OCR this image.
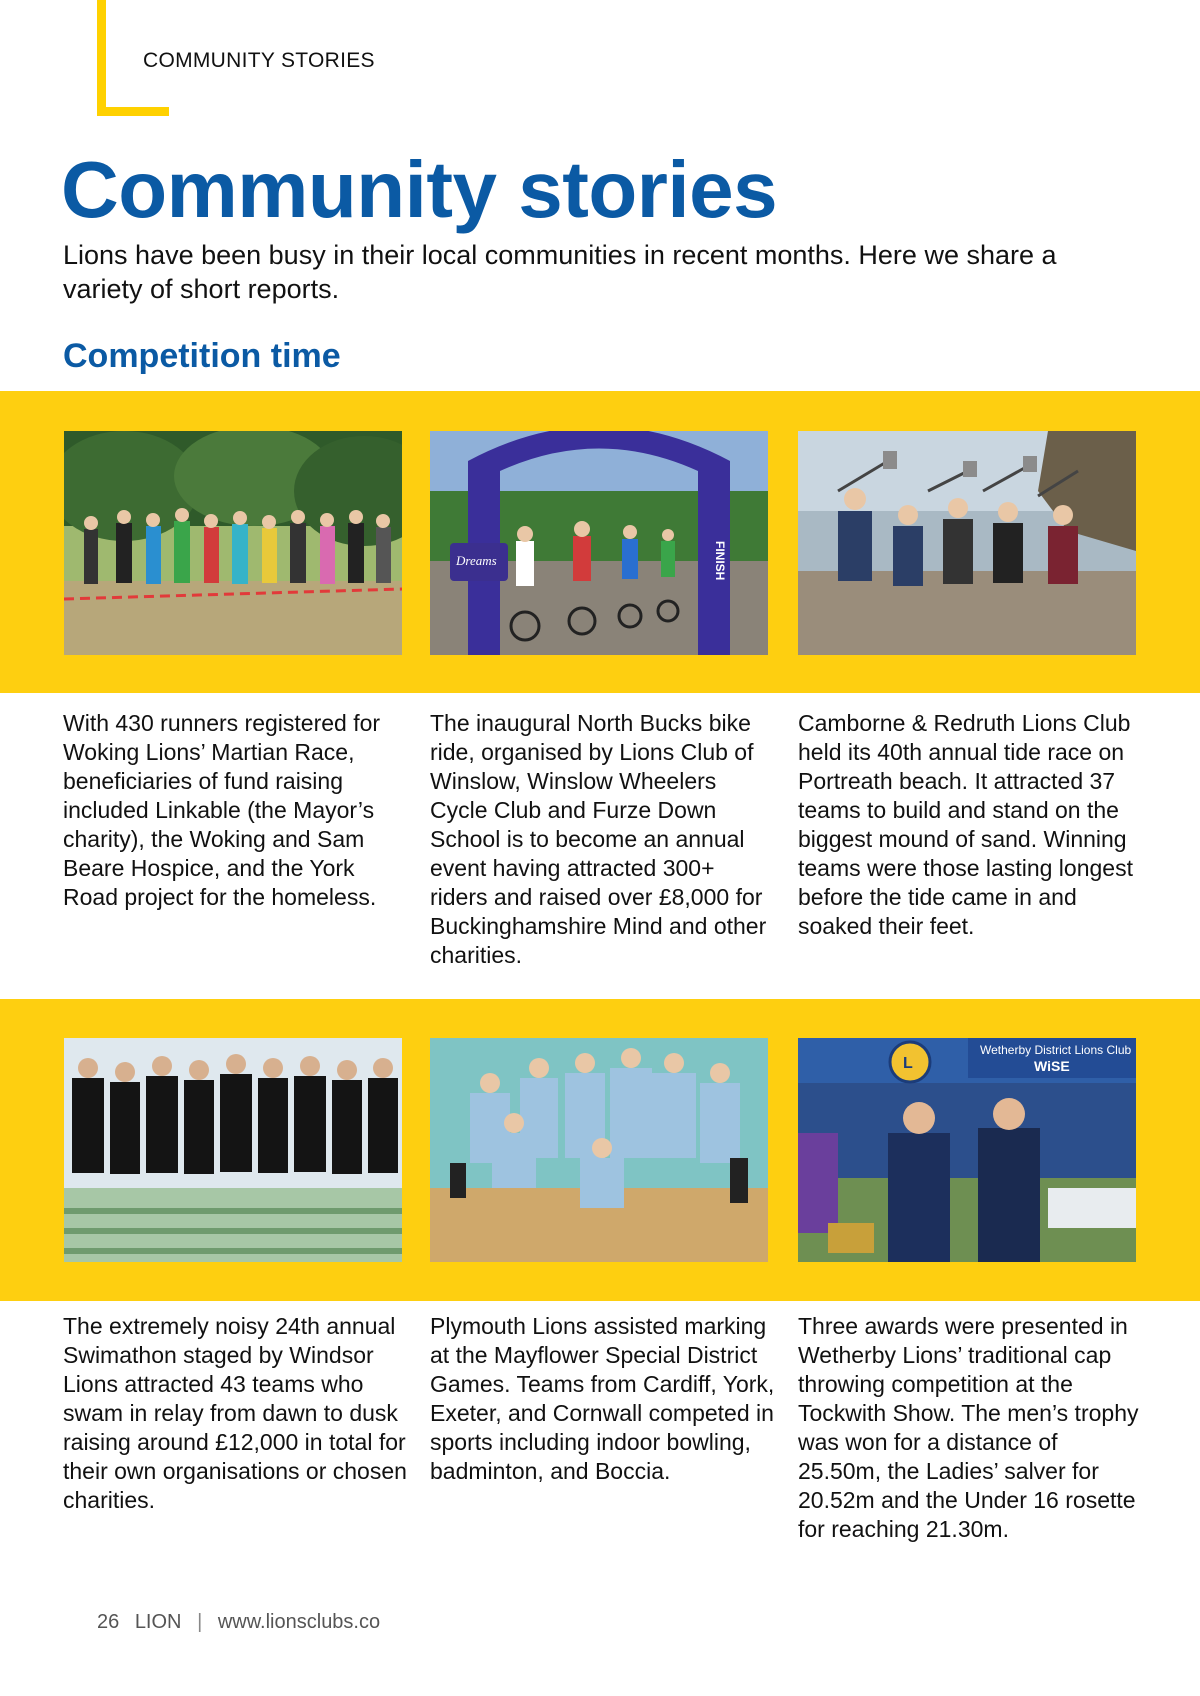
COMMUNITY STORIES
Community stories

Lions have been busy in their local communities in recent months. Here we share a variety of short reports.

Competition time
FINISH
Dreams
Wetherby District Lions Club
WiSE
L

With 430 runners registered for Woking Lions’ Martian Race, beneficiaries of fund raising included Linkable (the Mayor’s charity), the Woking and Sam Beare Hospice, and the York Road project for the homeless.

The inaugural North Bucks bike ride, organised by Lions Club of Winslow, Winslow Wheelers Cycle Club and Furze Down School is to become an annual event having attracted 300+ riders and raised over £8,000 for Buckinghamshire Mind and other charities.

Camborne & Redruth Lions Club held its 40th annual tide race on Portreath beach. It attracted 37 teams to build and stand on the biggest mound of sand. Winning teams were those lasting longest before the tide came in and soaked their feet.

The extremely noisy 24th annual Swimathon staged by Windsor Lions attracted 43 teams who swam in relay from dawn to dusk raising around £12,000 in total for their own organisations or chosen charities.

Plymouth Lions assisted marking at the Mayflower Special District Games. Teams from Cardiff, York, Exeter, and Cornwall competed in sports including indoor bowling, badminton, and Boccia.

Three awards were presented in Wetherby Lions’ traditional cap throwing competition at the Tockwith Show. The men’s trophy was won for a distance of 25.50m, the Ladies’ salver for 20.52m and the Under 16 rosette for reaching 21.30m.

26 LION | www.lionsclubs.co
